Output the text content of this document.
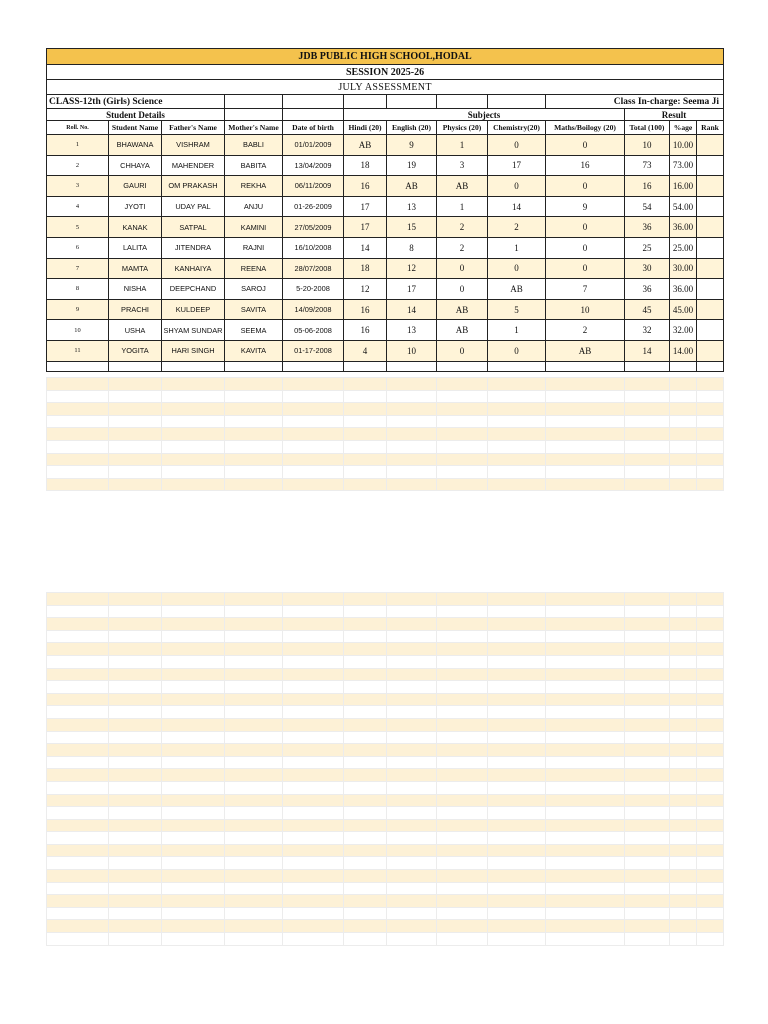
JDB PUBLIC HIGH SCHOOL,HODAL												
SESSION 2025-26												
JULY ASSESSMENT												
CLASS-12th (Girls) Science									Class In-charge: Seema Ji			
Student Details					Subjects					Result		
Roll. No.	Student Name	Father's Name	Mother's Name	Date of birth	Hindi (20)	English (20)	Physics (20)	Chemistry(20)	Maths/Boilogy (20)	Total (100)	%age	Rank
1	BHAWANA	VISHRAM	BABLI	01/01/2009	AB	9	1	0	0	10	10.00	
2	CHHAYA	MAHENDER	BABITA	13/04/2009	18	19	3	17	16	73	73.00	
3	GAURI	OM PRAKASH	REKHA	06/11/2009	16	AB	AB	0	0	16	16.00	
4	JYOTI	UDAY PAL	ANJU	01-26-2009	17	13	1	14	9	54	54.00	
5	KANAK	SATPAL	KAMINI	27/05/2009	17	15	2	2	0	36	36.00	
6	LALITA	JITENDRA	RAJNI	16/10/2008	14	8	2	1	0	25	25.00	
7	MAMTA	KANHAIYA	REENA	28/07/2008	18	12	0	0	0	30	30.00	
8	NISHA	DEEPCHAND	SAROJ	5-20-2008	12	17	0	AB	7	36	36.00	
9	PRACHI	KULDEEP	SAVITA	14/09/2008	16	14	AB	5	10	45	45.00	
10	USHA	SHYAM SUNDAR	SEEMA	05-06-2008	16	13	AB	1	2	32	32.00	
11	YOGITA	HARI SINGH	KAVITA	01-17-2008	4	10	0	0	AB	14	14.00	
